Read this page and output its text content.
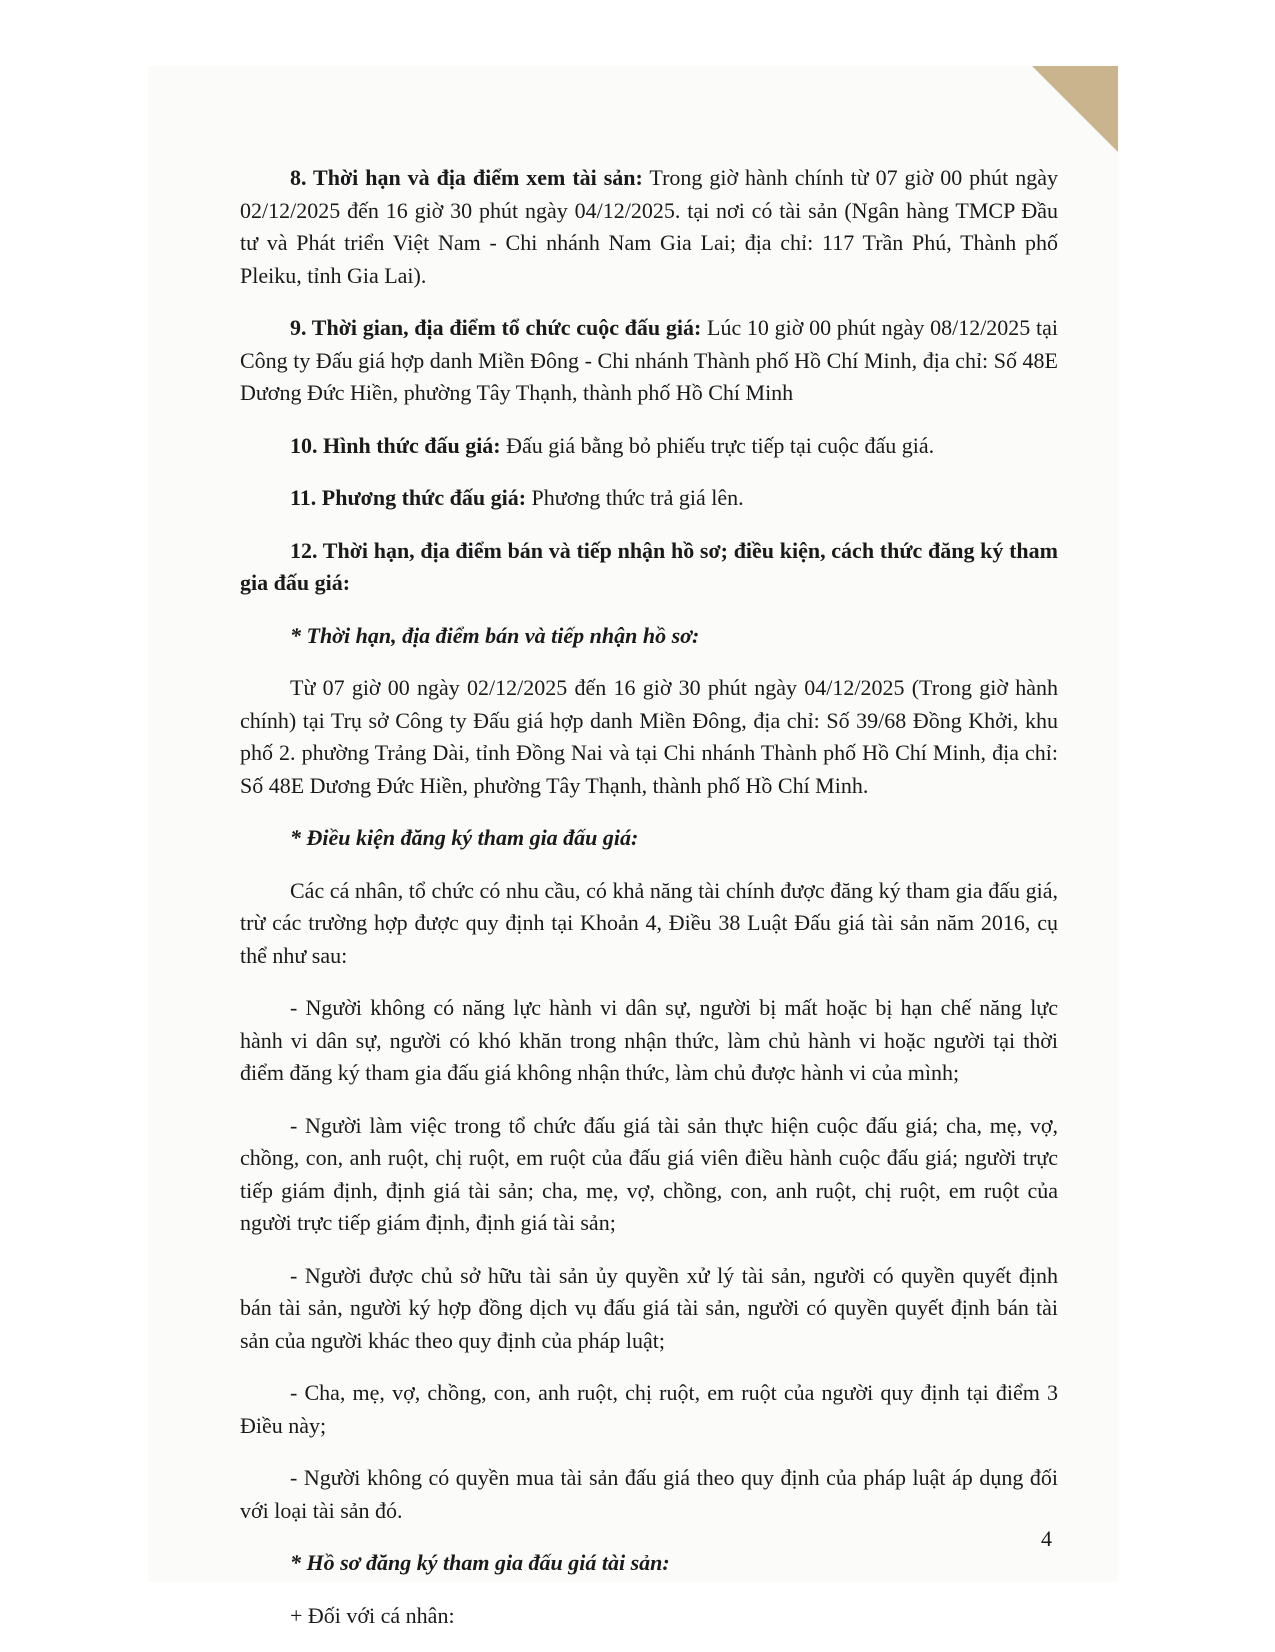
8. Thời hạn và địa điểm xem tài sản: Trong giờ hành chính từ 07 giờ 00 phút ngày 02/12/2025 đến 16 giờ 30 phút ngày 04/12/2025. tại nơi có tài sản (Ngân hàng TMCP Đầu tư và Phát triển Việt Nam - Chi nhánh Nam Gia Lai; địa chỉ: 117 Trần Phú, Thành phố Pleiku, tỉnh Gia Lai).

9. Thời gian, địa điểm tổ chức cuộc đấu giá: Lúc 10 giờ 00 phút ngày 08/12/2025 tại Công ty Đấu giá hợp danh Miền Đông - Chi nhánh Thành phố Hồ Chí Minh, địa chỉ: Số 48E Dương Đức Hiền, phường Tây Thạnh, thành phố Hồ Chí Minh

10. Hình thức đấu giá: Đấu giá bằng bỏ phiếu trực tiếp tại cuộc đấu giá.

11. Phương thức đấu giá: Phương thức trả giá lên.

12. Thời hạn, địa điểm bán và tiếp nhận hồ sơ; điều kiện, cách thức đăng ký tham gia đấu giá:

* Thời hạn, địa điểm bán và tiếp nhận hồ sơ:

Từ 07 giờ 00 ngày 02/12/2025 đến 16 giờ 30 phút ngày 04/12/2025 (Trong giờ hành chính) tại Trụ sở Công ty Đấu giá hợp danh Miền Đông, địa chỉ: Số 39/68 Đồng Khởi, khu phố 2. phường Trảng Dài, tỉnh Đồng Nai và tại Chi nhánh Thành phố Hồ Chí Minh, địa chỉ: Số 48E Dương Đức Hiền, phường Tây Thạnh, thành phố Hồ Chí Minh.

* Điều kiện đăng ký tham gia đấu giá:

Các cá nhân, tổ chức có nhu cầu, có khả năng tài chính được đăng ký tham gia đấu giá, trừ các trường hợp được quy định tại Khoản 4, Điều 38 Luật Đấu giá tài sản năm 2016, cụ thể như sau:

- Người không có năng lực hành vi dân sự, người bị mất hoặc bị hạn chế năng lực hành vi dân sự, người có khó khăn trong nhận thức, làm chủ hành vi hoặc người tại thời điểm đăng ký tham gia đấu giá không nhận thức, làm chủ được hành vi của mình;

- Người làm việc trong tổ chức đấu giá tài sản thực hiện cuộc đấu giá; cha, mẹ, vợ, chồng, con, anh ruột, chị ruột, em ruột của đấu giá viên điều hành cuộc đấu giá; người trực tiếp giám định, định giá tài sản; cha, mẹ, vợ, chồng, con, anh ruột, chị ruột, em ruột của người trực tiếp giám định, định giá tài sản;

- Người được chủ sở hữu tài sản ủy quyền xử lý tài sản, người có quyền quyết định bán tài sản, người ký hợp đồng dịch vụ đấu giá tài sản, người có quyền quyết định bán tài sản của người khác theo quy định của pháp luật;

- Cha, mẹ, vợ, chồng, con, anh ruột, chị ruột, em ruột của người quy định tại điểm 3 Điều này;

- Người không có quyền mua tài sản đấu giá theo quy định của pháp luật áp dụng đối với loại tài sản đó.

* Hồ sơ đăng ký tham gia đấu giá tài sản:

+ Đối với cá nhân:

4
